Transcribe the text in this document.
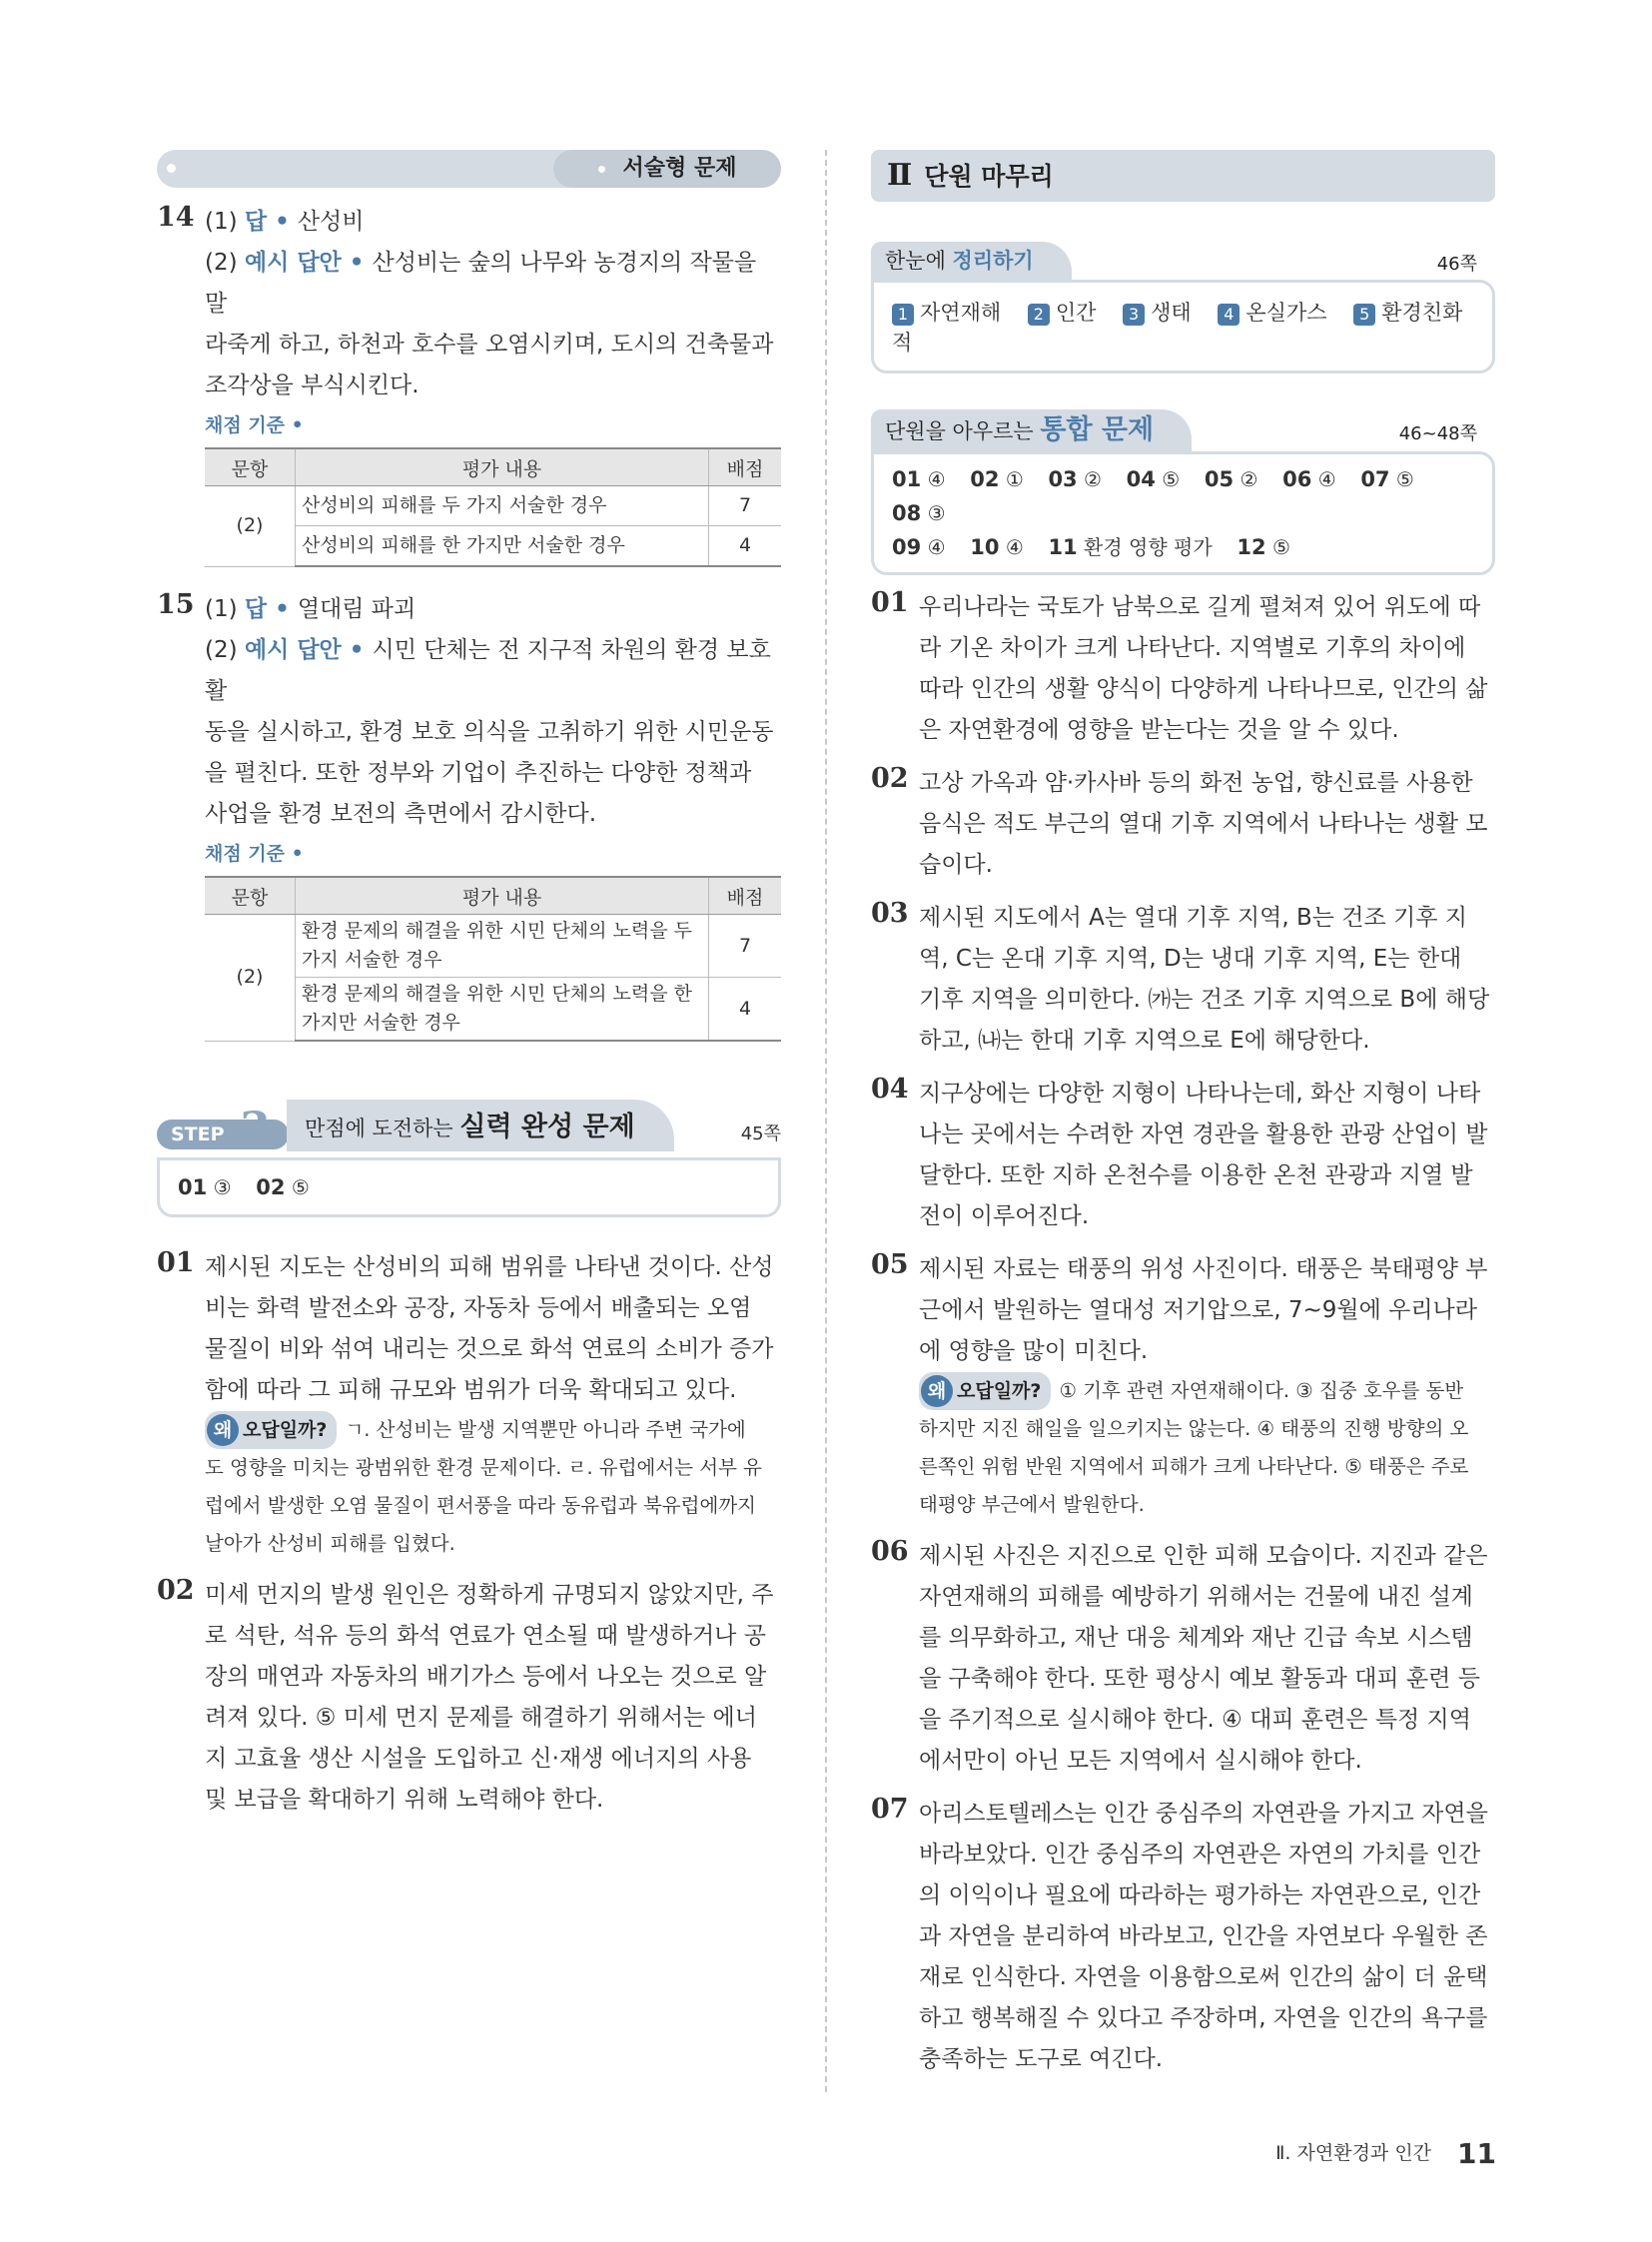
서술형 문제
14 (1) 답 • 산성비
(2) 예시 답안 • 산성비는 숲의 나무와 농경지의 작물을 말
라죽게 하고, 하천과 호수를 오염시키며, 도시의 건축물과
조각상을 부식시킨다.
채점 기준 •
문항	평가 내용	배점
(2)	산성비의 피해를 두 가지 서술한 경우	7
	산성비의 피해를 한 가지만 서술한 경우	4
15 (1) 답 • 열대림 파괴
(2) 예시 답안 • 시민 단체는 전 지구적 차원의 환경 보호 활
동을 실시하고, 환경 보호 의식을 고취하기 위한 시민운동
을 펼친다. 또한 정부와 기업이 추진하는 다양한 정책과
사업을 환경 보전의 측면에서 감시한다.
채점 기준 •
문항	평가 내용	배점
(2)	환경 문제의 해결을 위한 시민 단체의 노력을 두 가지 서술한 경우	7
	환경 문제의 해결을 위한 시민 단체의 노력을 한 가지만 서술한 경우	4
STEP 3	만점에 도전하는 실력 완성 문제	45쪽
01 ③ 02 ⑤
01 제시된 지도는 산성비의 피해 범위를 나타낸 것이다. 산성
비는 화력 발전소와 공장, 자동차 등에서 배출되는 오염
물질이 비와 섞여 내리는 것으로 화석 연료의 소비가 증가
함에 따라 그 피해 규모와 범위가 더욱 확대되고 있다.
왜 오답일까? ㄱ. 산성비는 발생 지역뿐만 아니라 주변 국가에
도 영향을 미치는 광범위한 환경 문제이다. ㄹ. 유럽에서는 서부 유
럽에서 발생한 오염 물질이 편서풍을 따라 동유럽과 북유럽에까지
날아가 산성비 피해를 입혔다.
02 미세 먼지의 발생 원인은 정확하게 규명되지 않았지만, 주
로 석탄, 석유 등의 화석 연료가 연소될 때 발생하거나 공
장의 매연과 자동차의 배기가스 등에서 나오는 것으로 알
려져 있다. ⑤ 미세 먼지 문제를 해결하기 위해서는 에너
지 고효율 생산 시설을 도입하고 신·재생 에너지의 사용
및 보급을 확대하기 위해 노력해야 한다.
Ⅱ 단원 마무리
한눈에 정리하기	46쪽
1 자연재해 2 인간 3 생태 4 온실가스 5 환경친화적
단원을 아우르는 통합 문제	46~48쪽
01 ④ 02 ① 03 ② 04 ⑤ 05 ② 06 ④ 07 ⑤ 08 ③
09 ④ 10 ④ 11 환경 영향 평가 12 ⑤
01 우리나라는 국토가 남북으로 길게 펼쳐져 있어 위도에 따
라 기온 차이가 크게 나타난다. 지역별로 기후의 차이에
따라 인간의 생활 양식이 다양하게 나타나므로, 인간의 삶
은 자연환경에 영향을 받는다는 것을 알 수 있다.
02 고상 가옥과 얌·카사바 등의 화전 농업, 향신료를 사용한
음식은 적도 부근의 열대 기후 지역에서 나타나는 생활 모
습이다.
03 제시된 지도에서 A는 열대 기후 지역, B는 건조 기후 지
역, C는 온대 기후 지역, D는 냉대 기후 지역, E는 한대
기후 지역을 의미한다. ㈎는 건조 기후 지역으로 B에 해당
하고, ㈏는 한대 기후 지역으로 E에 해당한다.
04 지구상에는 다양한 지형이 나타나는데, 화산 지형이 나타
나는 곳에서는 수려한 자연 경관을 활용한 관광 산업이 발
달한다. 또한 지하 온천수를 이용한 온천 관광과 지열 발
전이 이루어진다.
05 제시된 자료는 태풍의 위성 사진이다. 태풍은 북태평양 부
근에서 발원하는 열대성 저기압으로, 7~9월에 우리나라
에 영향을 많이 미친다.
왜 오답일까? ① 기후 관련 자연재해이다. ③ 집중 호우를 동반
하지만 지진 해일을 일으키지는 않는다. ④ 태풍의 진행 방향의 오
른쪽인 위험 반원 지역에서 피해가 크게 나타난다. ⑤ 태풍은 주로
태평양 부근에서 발원한다.
06 제시된 사진은 지진으로 인한 피해 모습이다. 지진과 같은
자연재해의 피해를 예방하기 위해서는 건물에 내진 설계
를 의무화하고, 재난 대응 체계와 재난 긴급 속보 시스템
을 구축해야 한다. 또한 평상시 예보 활동과 대피 훈련 등
을 주기적으로 실시해야 한다. ④ 대피 훈련은 특정 지역
에서만이 아닌 모든 지역에서 실시해야 한다.
07 아리스토텔레스는 인간 중심주의 자연관을 가지고 자연을
바라보았다. 인간 중심주의 자연관은 자연의 가치를 인간
의 이익이나 필요에 따라하는 평가하는 자연관으로, 인간
과 자연을 분리하여 바라보고, 인간을 자연보다 우월한 존
재로 인식한다. 자연을 이용함으로써 인간의 삶이 더 윤택
하고 행복해질 수 있다고 주장하며, 자연을 인간의 욕구를
충족하는 도구로 여긴다.
Ⅱ. 자연환경과 인간 11
